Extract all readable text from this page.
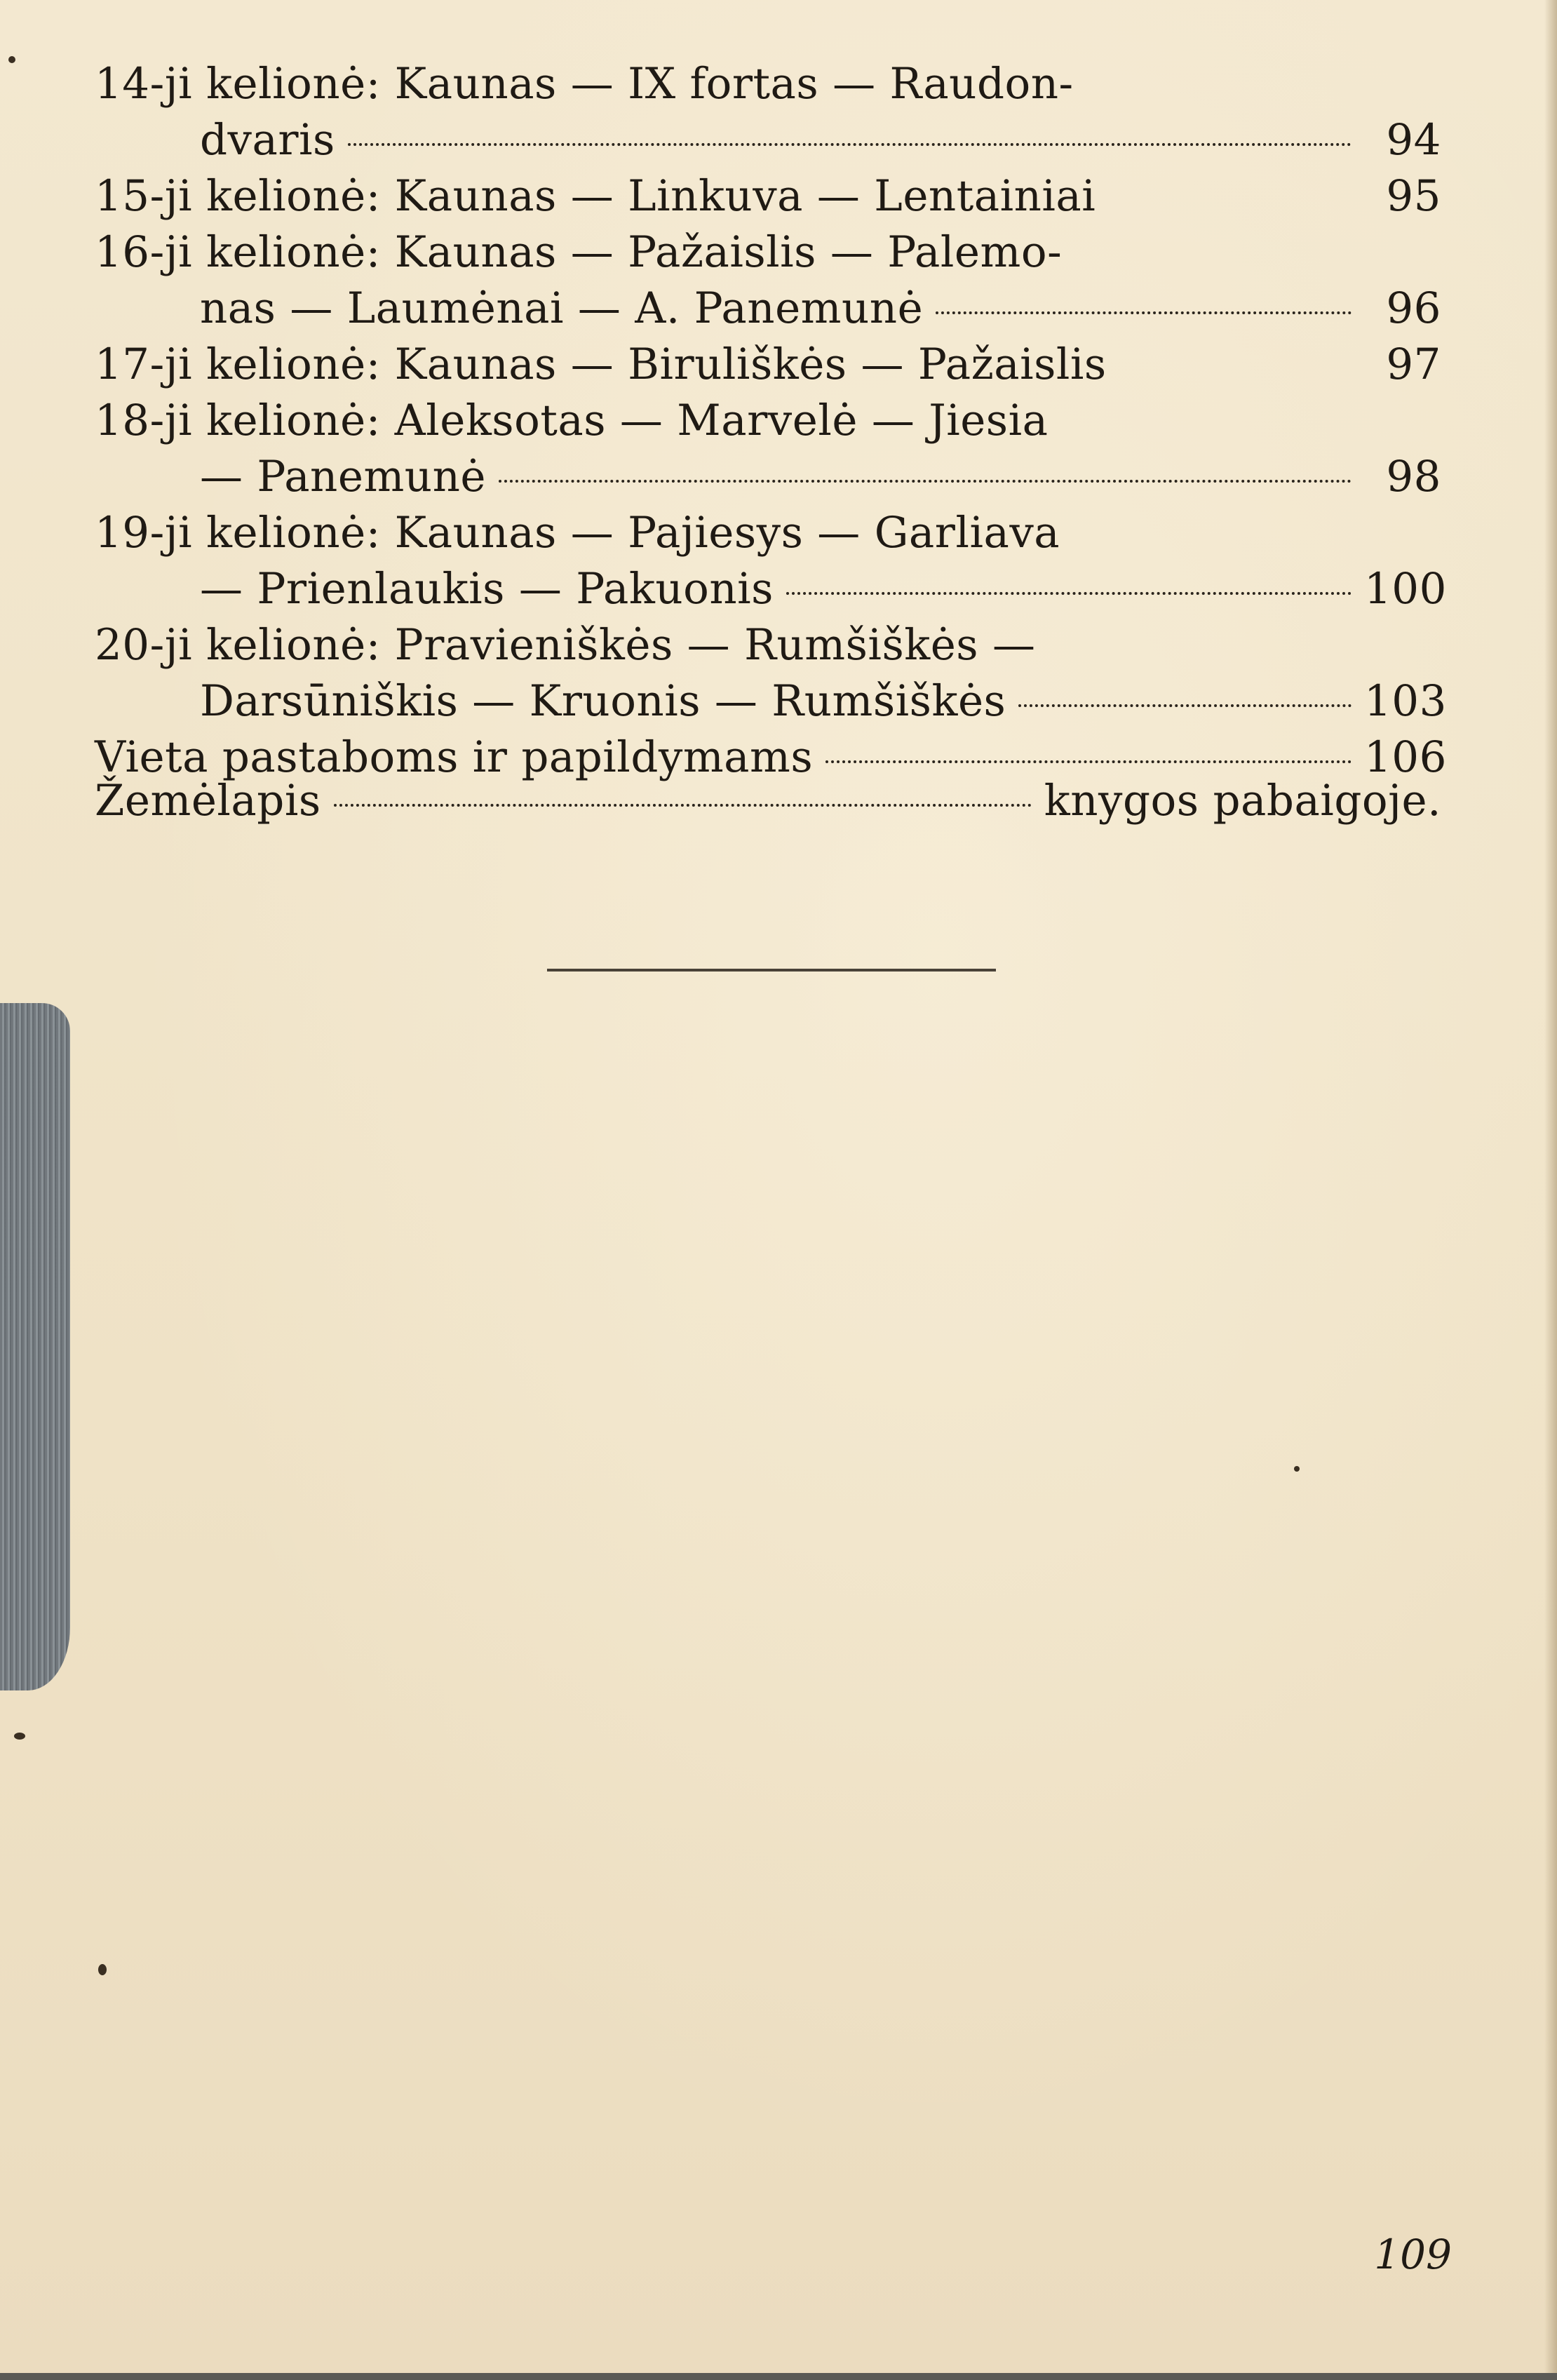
14-ji kelionė: Kaunas — IX fortas — Raudon-
dvaris	94
15-ji kelionė: Kaunas — Linkuva — Lentainiai	95
16-ji kelionė: Kaunas — Pažaislis — Palemo-
nas — Laumėnai — A. Panemunė	96
17-ji kelionė: Kaunas — Biruliškės — Pažaislis	97
18-ji kelionė: Aleksotas — Marvelė — Jiesia
— Panemunė	98
19-ji kelionė: Kaunas — Pajiesys — Garliava
— Prienlaukis — Pakuonis	100
20-ji kelionė: Pravieniškės — Rumšiškės —
Darsūniškis — Kruonis — Rumšiškės	103
Vieta pastaboms ir papildymams	106
Žemėlapis	knygos pabaigoje.
109
